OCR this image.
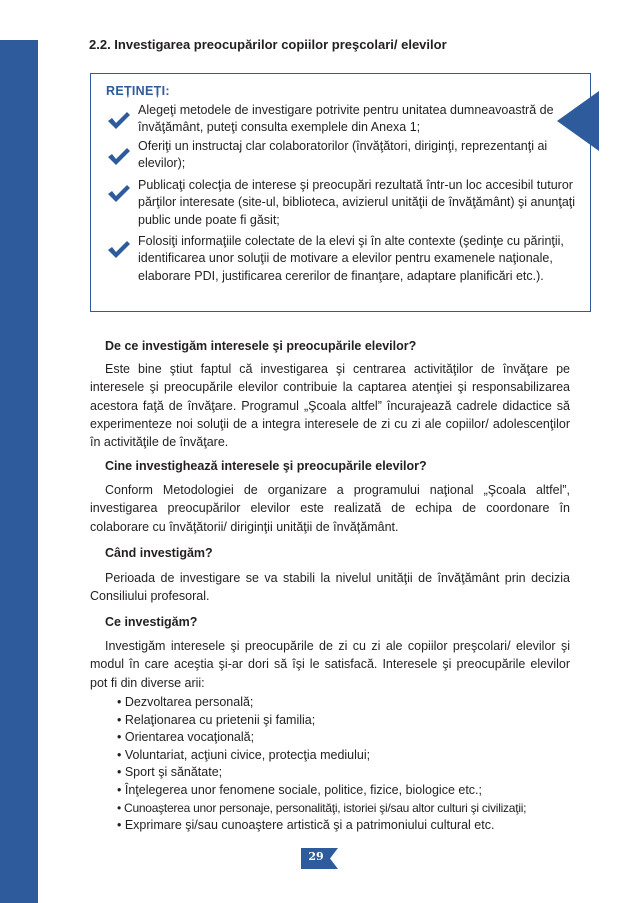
2.2. Investigarea preocupărilor copiilor preşcolari/ elevilor
REȚINEȚI:
Alegeţi metodele de investigare potrivite pentru unitatea dumneavoastră de învăţământ, puteţi consulta exemplele din Anexa 1;
Oferiţi un instructaj clar colaboratorilor (învăţători, diriginţi, reprezentanţi ai elevilor);
Publicaţi colecţia de interese şi preocupări rezultată într-un loc accesibil tuturor părţilor interesate (site-ul, biblioteca, avizierul unităţii de învăţământ) şi anunţaţi public unde poate fi găsit;
Folosiţi informaţiile colectate de la elevi şi în alte contexte (şedinţe cu părinţii, identificarea unor soluţii de motivare a elevilor pentru examenele naţionale, elaborare PDI, justificarea cererilor de finanţare, adaptare planificări etc.).
De ce investigăm interesele şi preocupările elevilor?

Este bine ştiut faptul că investigarea şi centrarea activităţilor de învăţare pe interesele şi preocupările elevilor contribuie la captarea atenţiei şi responsabilizarea acestora faţă de învăţare. Programul „Şcoala altfel” încurajează cadrele didactice să experimenteze noi soluţii de a integra interesele de zi cu zi ale copiilor/ adolescenţilor în activităţile de învăţare.

Cine investighează interesele şi preocupările elevilor?

Conform Metodologiei de organizare a programului naţional „Şcoala altfel”, investigarea preocupărilor elevilor este realizată de echipa de coordonare în colaborare cu învăţătorii/ diriginţii unităţii de învăţământ.

Când investigăm?

Perioada de investigare se va stabili la nivelul unităţii de învăţământ prin decizia Consiliului profesoral.

Ce investigăm?

Investigăm interesele şi preocupările de zi cu zi ale copiilor preşcolari/ elevilor şi modul în care aceştia şi-ar dori să îşi le satisfacă. Interesele şi preocupările elevilor pot fi din diverse arii:

• Dezvoltarea personală;
• Relaţionarea cu prietenii şi familia;
• Orientarea vocaţională;
• Voluntariat, acţiuni civice, protecţia mediului;
• Sport şi sănătate;
• Înţelegerea unor fenomene sociale, politice, fizice, biologice etc.;
• Cunoaşterea unor personaje, personalităţi, istoriei şi/sau altor culturi şi civilizaţii;
• Exprimare şi/sau cunoaştere artistică şi a patrimoniului cultural etc.
29
